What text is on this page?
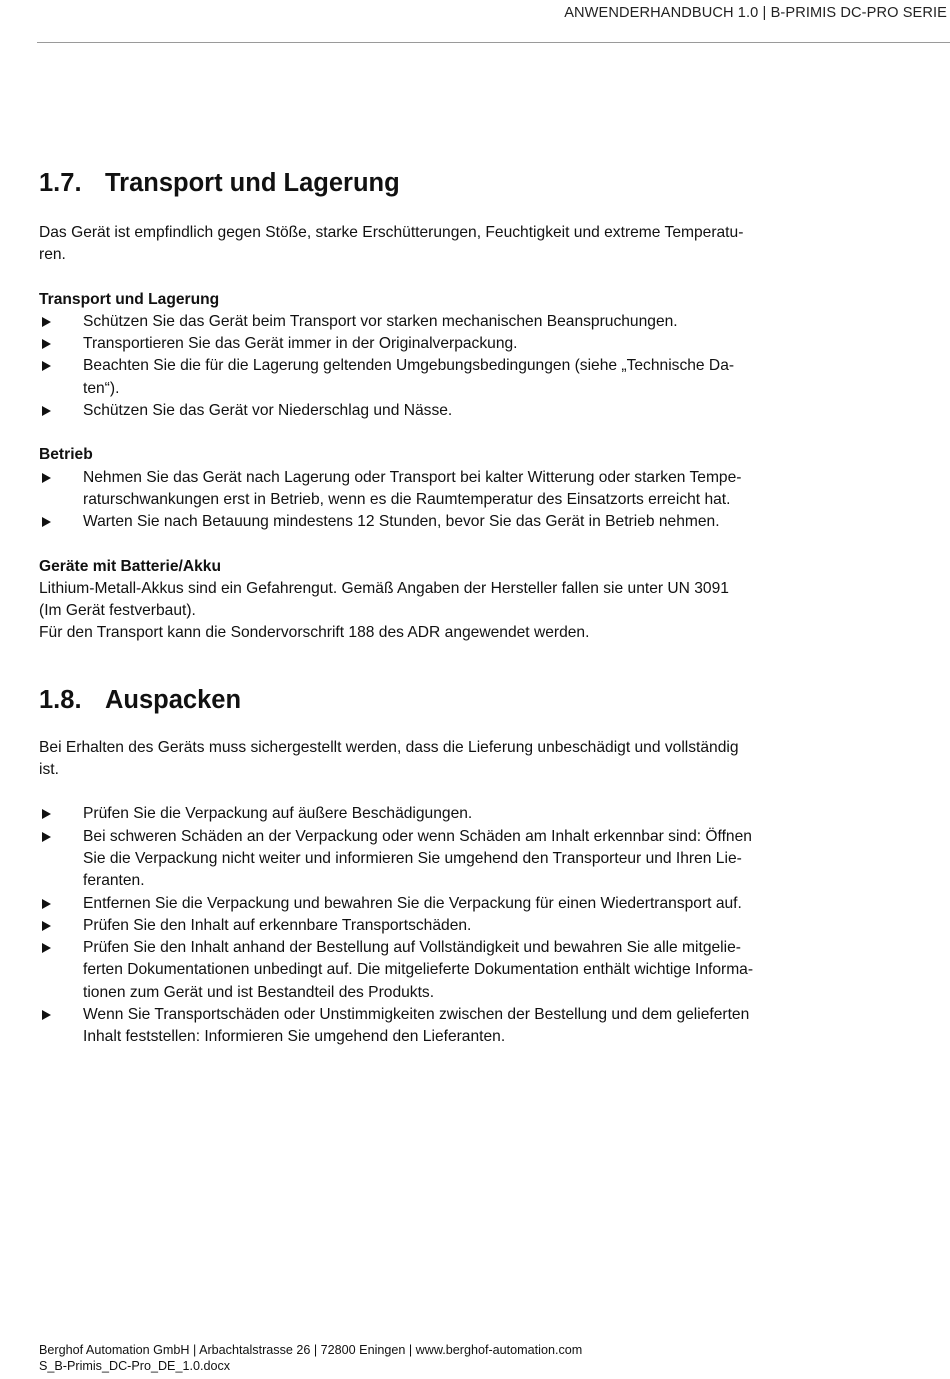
ANWENDERHANDBUCH 1.0 | B-PRIMIS DC-PRO SERIE
1.7. Transport und Lagerung

Das Gerät ist empfindlich gegen Stöße, starke Erschütterungen, Feuchtigkeit und extreme Temperatu-
ren.

Transport und Lagerung
Schützen Sie das Gerät beim Transport vor starken mechanischen Beanspruchungen.
Transportieren Sie das Gerät immer in der Originalverpackung.
Beachten Sie die für die Lagerung geltenden Umgebungsbedingungen (siehe „Technische Da-
ten“).
Schützen Sie das Gerät vor Niederschlag und Nässe.
Betrieb
Nehmen Sie das Gerät nach Lagerung oder Transport bei kalter Witterung oder starken Tempe-
raturschwankungen erst in Betrieb, wenn es die Raumtemperatur des Einsatzorts erreicht hat.
Warten Sie nach Betauung mindestens 12 Stunden, bevor Sie das Gerät in Betrieb nehmen.
Geräte mit Batterie/Akku

Lithium-Metall-Akkus sind ein Gefahrengut. Gemäß Angaben der Hersteller fallen sie unter UN 3091
(Im Gerät festverbaut).
Für den Transport kann die Sondervorschrift 188 des ADR angewendet werden.

1.8. Auspacken

Bei Erhalten des Geräts muss sichergestellt werden, dass die Lieferung unbeschädigt und vollständig
ist.

Prüfen Sie die Verpackung auf äußere Beschädigungen.
Bei schweren Schäden an der Verpackung oder wenn Schäden am Inhalt erkennbar sind: Öffnen
Sie die Verpackung nicht weiter und informieren Sie umgehend den Transporteur und Ihren Lie-
feranten.
Entfernen Sie die Verpackung und bewahren Sie die Verpackung für einen Wiedertransport auf.
Prüfen Sie den Inhalt auf erkennbare Transportschäden.
Prüfen Sie den Inhalt anhand der Bestellung auf Vollständigkeit und bewahren Sie alle mitgelie-
ferten Dokumentationen unbedingt auf. Die mitgelieferte Dokumentation enthält wichtige Informa-
tionen zum Gerät und ist Bestandteil des Produkts.
Wenn Sie Transportschäden oder Unstimmigkeiten zwischen der Bestellung und dem gelieferten
Inhalt feststellen: Informieren Sie umgehend den Lieferanten.
Berghof Automation GmbH | Arbachtalstrasse 26 | 72800 Eningen | www.berghof-automation.com
S_B-Primis_DC-Pro_DE_1.0.docx
